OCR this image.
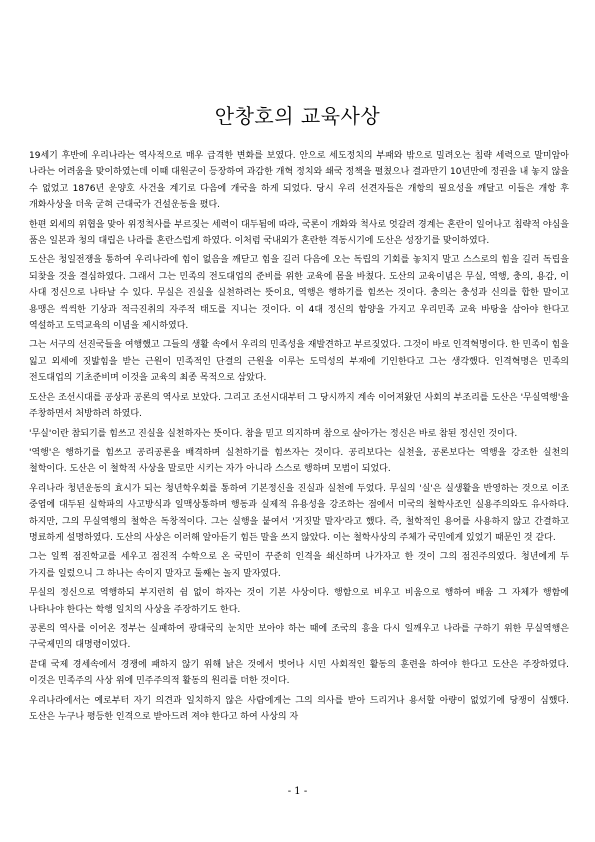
안창호의 교육사상

19세기 후반에 우리나라는 역사적으로 매우 급격한 변화를 보였다. 안으로 세도정치의 부패와 밖으로 밀려오는 침략 세력으로 말미암아 나라는 어려움을 맞이하였는데 이때 대원군이 등장하여 과감한 개혁 정치와 쇄국 정책을 펼쳤으나 결과만기 10년만에 정권을 내 놓지 않을 수 없었고 1876년 운양호 사건을 계기로 다음에 개국을 하게 되었다. 당시 우리 선견자들은 개항의 필요성을 깨달고 이들은 개항 후 개화사상을 더욱 굳혀 근대국가 건설운동을 폈다.

한편 외세의 위협을 맞아 위정척사를 부르짖는 세력이 대두됨에 따라, 국론이 개화와 척사로 엇갈려 경계는 혼란이 일어나고 침략적 야심을 품은 일본과 청의 대립은 나라를 혼란스럽게 하였다. 이처럼 국내외가 혼란한 격동시기에 도산은 성장기를 맞이하였다.

도산은 청일전쟁을 통하여 우리나라에 힘이 없음을 깨닫고 힘을 길러 다음에 오는 독립의 기회를 놓치지 말고 스스로의 힘을 길러 독립을 되찾을 것을 결심하였다. 그래서 그는 민족의 전도대업의 준비를 위한 교육에 몸을 바쳤다. 도산의 교육이념은 무실, 역행, 충의, 용감, 이 사대 정신으로 나타날 수 있다. 무실은 진실을 실천하려는 뜻이요, 역행은 행하기를 힘쓰는 것이다. 충의는 충성과 신의를 합한 말이고 용맹은 씩씩한 기상과 적극진취의 자주적 태도를 지니는 것이다. 이 4대 정신의 함양을 가지고 우리민족 교육 바탕을 삼아야 한다고 역설하고 도덕교육의 이념을 제시하였다.

그는 서구의 선진국들을 여행했고 그들의 생활 속에서 우리의 민족성을 재발견하고 부르짖었다. 그것이 바로 인격혁명이다. 한 민족이 힘을 잃고 외세에 짓밟힘을 받는 근원이 민족적인 단결의 근원을 이루는 도덕성의 부재에 기인한다고 그는 생각했다. 인격혁명은 민족의 전도대업의 기초준비며 이것을 교육의 최종 목적으로 삼았다.

도산은 조선시대를 공상과 공론의 역사로 보았다. 그리고 조선시대부터 그 당시까지 계속 이어져왔던 사회의 부조리를 도산은 '무실역행'을 주창하면서 처방하려 하였다.

'무실'이란 참되기를 힘쓰고 진실을 실천하자는 뜻이다. 참을 믿고 의지하며 참으로 살아가는 정신은 바로 참된 정신인 것이다.

'역행'은 행하기를 힘쓰고 공리공론을 배격하며 실천하기를 힘쓰자는 것이다. 공리보다는 실천을, 공론보다는 역행을 강조한 실천의 철학이다. 도산은 이 철학적 사상을 말로만 시키는 자가 아니라 스스로 행하며 모범이 되었다.

우리나라 청년운동의 효시가 되는 청년학우회를 통하여 기본정신을 진실과 실천에 두었다. 무실의 '실'은 실생활을 반영하는 것으로 이조 중엽에 대두된 실학파의 사고방식과 일맥상통하며 행동과 실제적 유용성을 강조하는 점에서 미국의 철학사조인 실용주의와도 유사하다. 하지만, 그의 무실역행의 철학은 독창적이다. 그는 실행을 붙여서 '거짓말 말자'라고 했다. 즉, 철학적인 용어를 사용하지 않고 간결하고 명료하게 설명하였다. 도산의 사상은 이러해 알아듣기 힘든 말을 쓰지 않았다. 이는 철학사상의 주체가 국민에게 있었기 때문인 것 같다.

그는 일찍 점진학교를 세우고 점진적 수학으로 온 국민이 꾸준히 인격을 쇄신하며 나가자고 한 것이 그의 점진주의였다. 청년에게 두 가지를 일렀으니 그 하나는 속이지 말자고 둘째는 놀지 말자였다.

무실의 정신으로 역행하되 부지런히 쉼 없이 하자는 것이 기본 사상이다. 행함으로 비우고 비움으로 행하여 배움 그 자체가 행함에 나타나야 한다는 학행 일치의 사상을 주장하기도 한다.

공론의 역사를 이어온 정부는 실패하여 광대국의 눈치만 보아야 하는 때에 조국의 흥을 다시 일깨우고 나라를 구하기 위한 무실역행은 구국제민의 대명령이었다.

끝대 국제 경세속에서 경쟁에 패하지 않기 위해 낡은 것에서 벗어나 시민 사회적인 활동의 훈련을 하여야 한다고 도산은 주장하였다. 이것은 민족주의 사상 위에 민주주의적 활동의 원리를 더한 것이다.

우리나라에서는 예로부터 자기 의견과 일치하지 않은 사람에게는 그의 의사를 받아 드리거나 용서할 아량이 없었기에 당쟁이 심했다. 도산은 누구나 평등한 인격으로 받아드려 져야 한다고 하여 사상의 자

- 1 -
